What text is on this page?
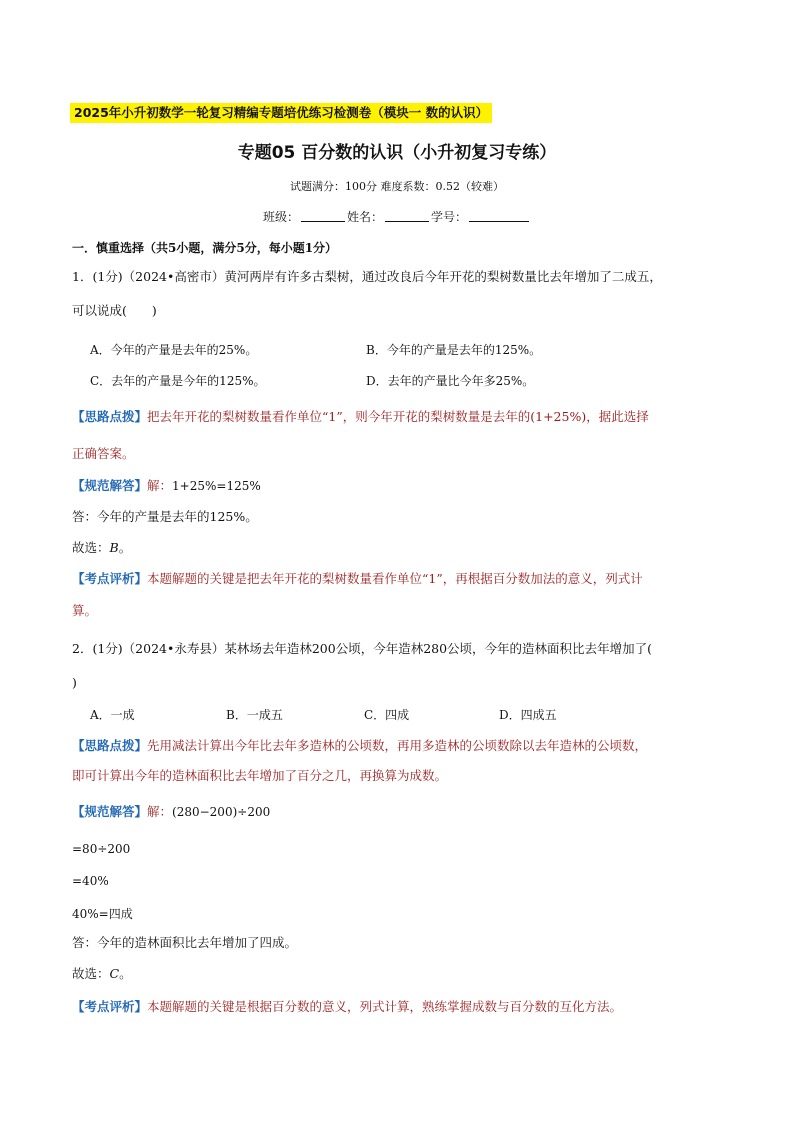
2025年小升初数学一轮复习精编专题培优练习检测卷（模块一 数的认识）
专题05 百分数的认识（小升初复习专练）
试题满分：100分 难度系数：0.52（较难）
班级：	姓名：	学号：
一．慎重选择（共5小题，满分5分，每小题1分）
1．(1分)（2024•高密市）黄河两岸有许多古梨树，通过改良后今年开花的梨树数量比去年增加了二成五，
可以说成(　　)
A．今年的产量是去年的25%。	B．今年的产量是去年的125%。
C．去年的产量是今年的125%。	D．去年的产量比今年多25%。
【思路点拨】把去年开花的梨树数量看作单位“1”，则今年开花的梨树数量是去年的(1+25%)，据此选择
正确答案。
【规范解答】解：1+25%=125%
答：今年的产量是去年的125%。
故选：B。
【考点评析】本题解题的关键是把去年开花的梨树数量看作单位“1”，再根据百分数加法的意义，列式计
算。
2．(1分)（2024•永寿县）某林场去年造林200公顷，今年造林280公顷，今年的造林面积比去年增加了(
)
A．一成	B．一成五	C．四成	D．四成五
【思路点拨】先用减法计算出今年比去年多造林的公顷数，再用多造林的公顷数除以去年造林的公顷数，
即可计算出今年的造林面积比去年增加了百分之几，再换算为成数。
【规范解答】解：(280−200)÷200
=80÷200
=40%
40%=四成
答：今年的造林面积比去年增加了四成。
故选：C。
【考点评析】本题解题的关键是根据百分数的意义，列式计算，熟练掌握成数与百分数的互化方法。
